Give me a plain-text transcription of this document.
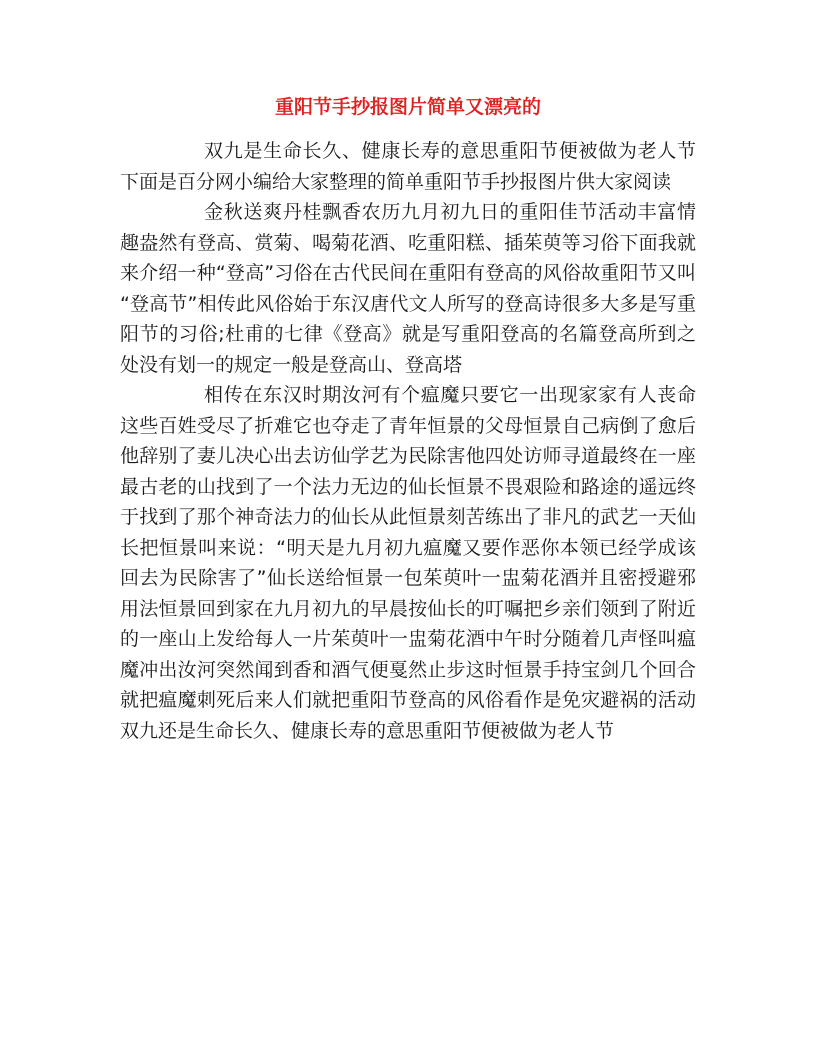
重阳节手抄报图片简单又漂亮的

双九是生命长久、健康长寿的意思重阳节便被做为老人节下面是百分网小编给大家整理的简单重阳节手抄报图片供大家阅读

金秋送爽丹桂飘香农历九月初九日的重阳佳节活动丰富情趣盎然有登高、赏菊、喝菊花酒、吃重阳糕、插茱萸等习俗下面我就来介绍一种“登高”习俗在古代民间在重阳有登高的风俗故重阳节又叫“登高节”相传此风俗始于东汉唐代文人所写的登高诗很多大多是写重阳节的习俗;杜甫的七律《登高》就是写重阳登高的名篇登高所到之处没有划一的规定一般是登高山、登高塔

相传在东汉时期汝河有个瘟魔只要它一出现家家有人丧命这些百姓受尽了折难它也夺走了青年恒景的父母恒景自己病倒了愈后他辞别了妻儿决心出去访仙学艺为民除害他四处访师寻道最终在一座最古老的山找到了一个法力无边的仙长恒景不畏艰险和路途的遥远终于找到了那个神奇法力的仙长从此恒景刻苦练出了非凡的武艺一天仙长把恒景叫来说：“明天是九月初九瘟魔又要作恶你本领已经学成该回去为民除害了”仙长送给恒景一包茱萸叶一盅菊花酒并且密授避邪用法恒景回到家在九月初九的早晨按仙长的叮嘱把乡亲们领到了附近的一座山上发给每人一片茱萸叶一盅菊花酒中午时分随着几声怪叫瘟魔冲出汝河突然闻到香和酒气便戛然止步这时恒景手持宝剑几个回合就把瘟魔刺死后来人们就把重阳节登高的风俗看作是免灾避祸的活动双九还是生命长久、健康长寿的意思重阳节便被做为老人节
